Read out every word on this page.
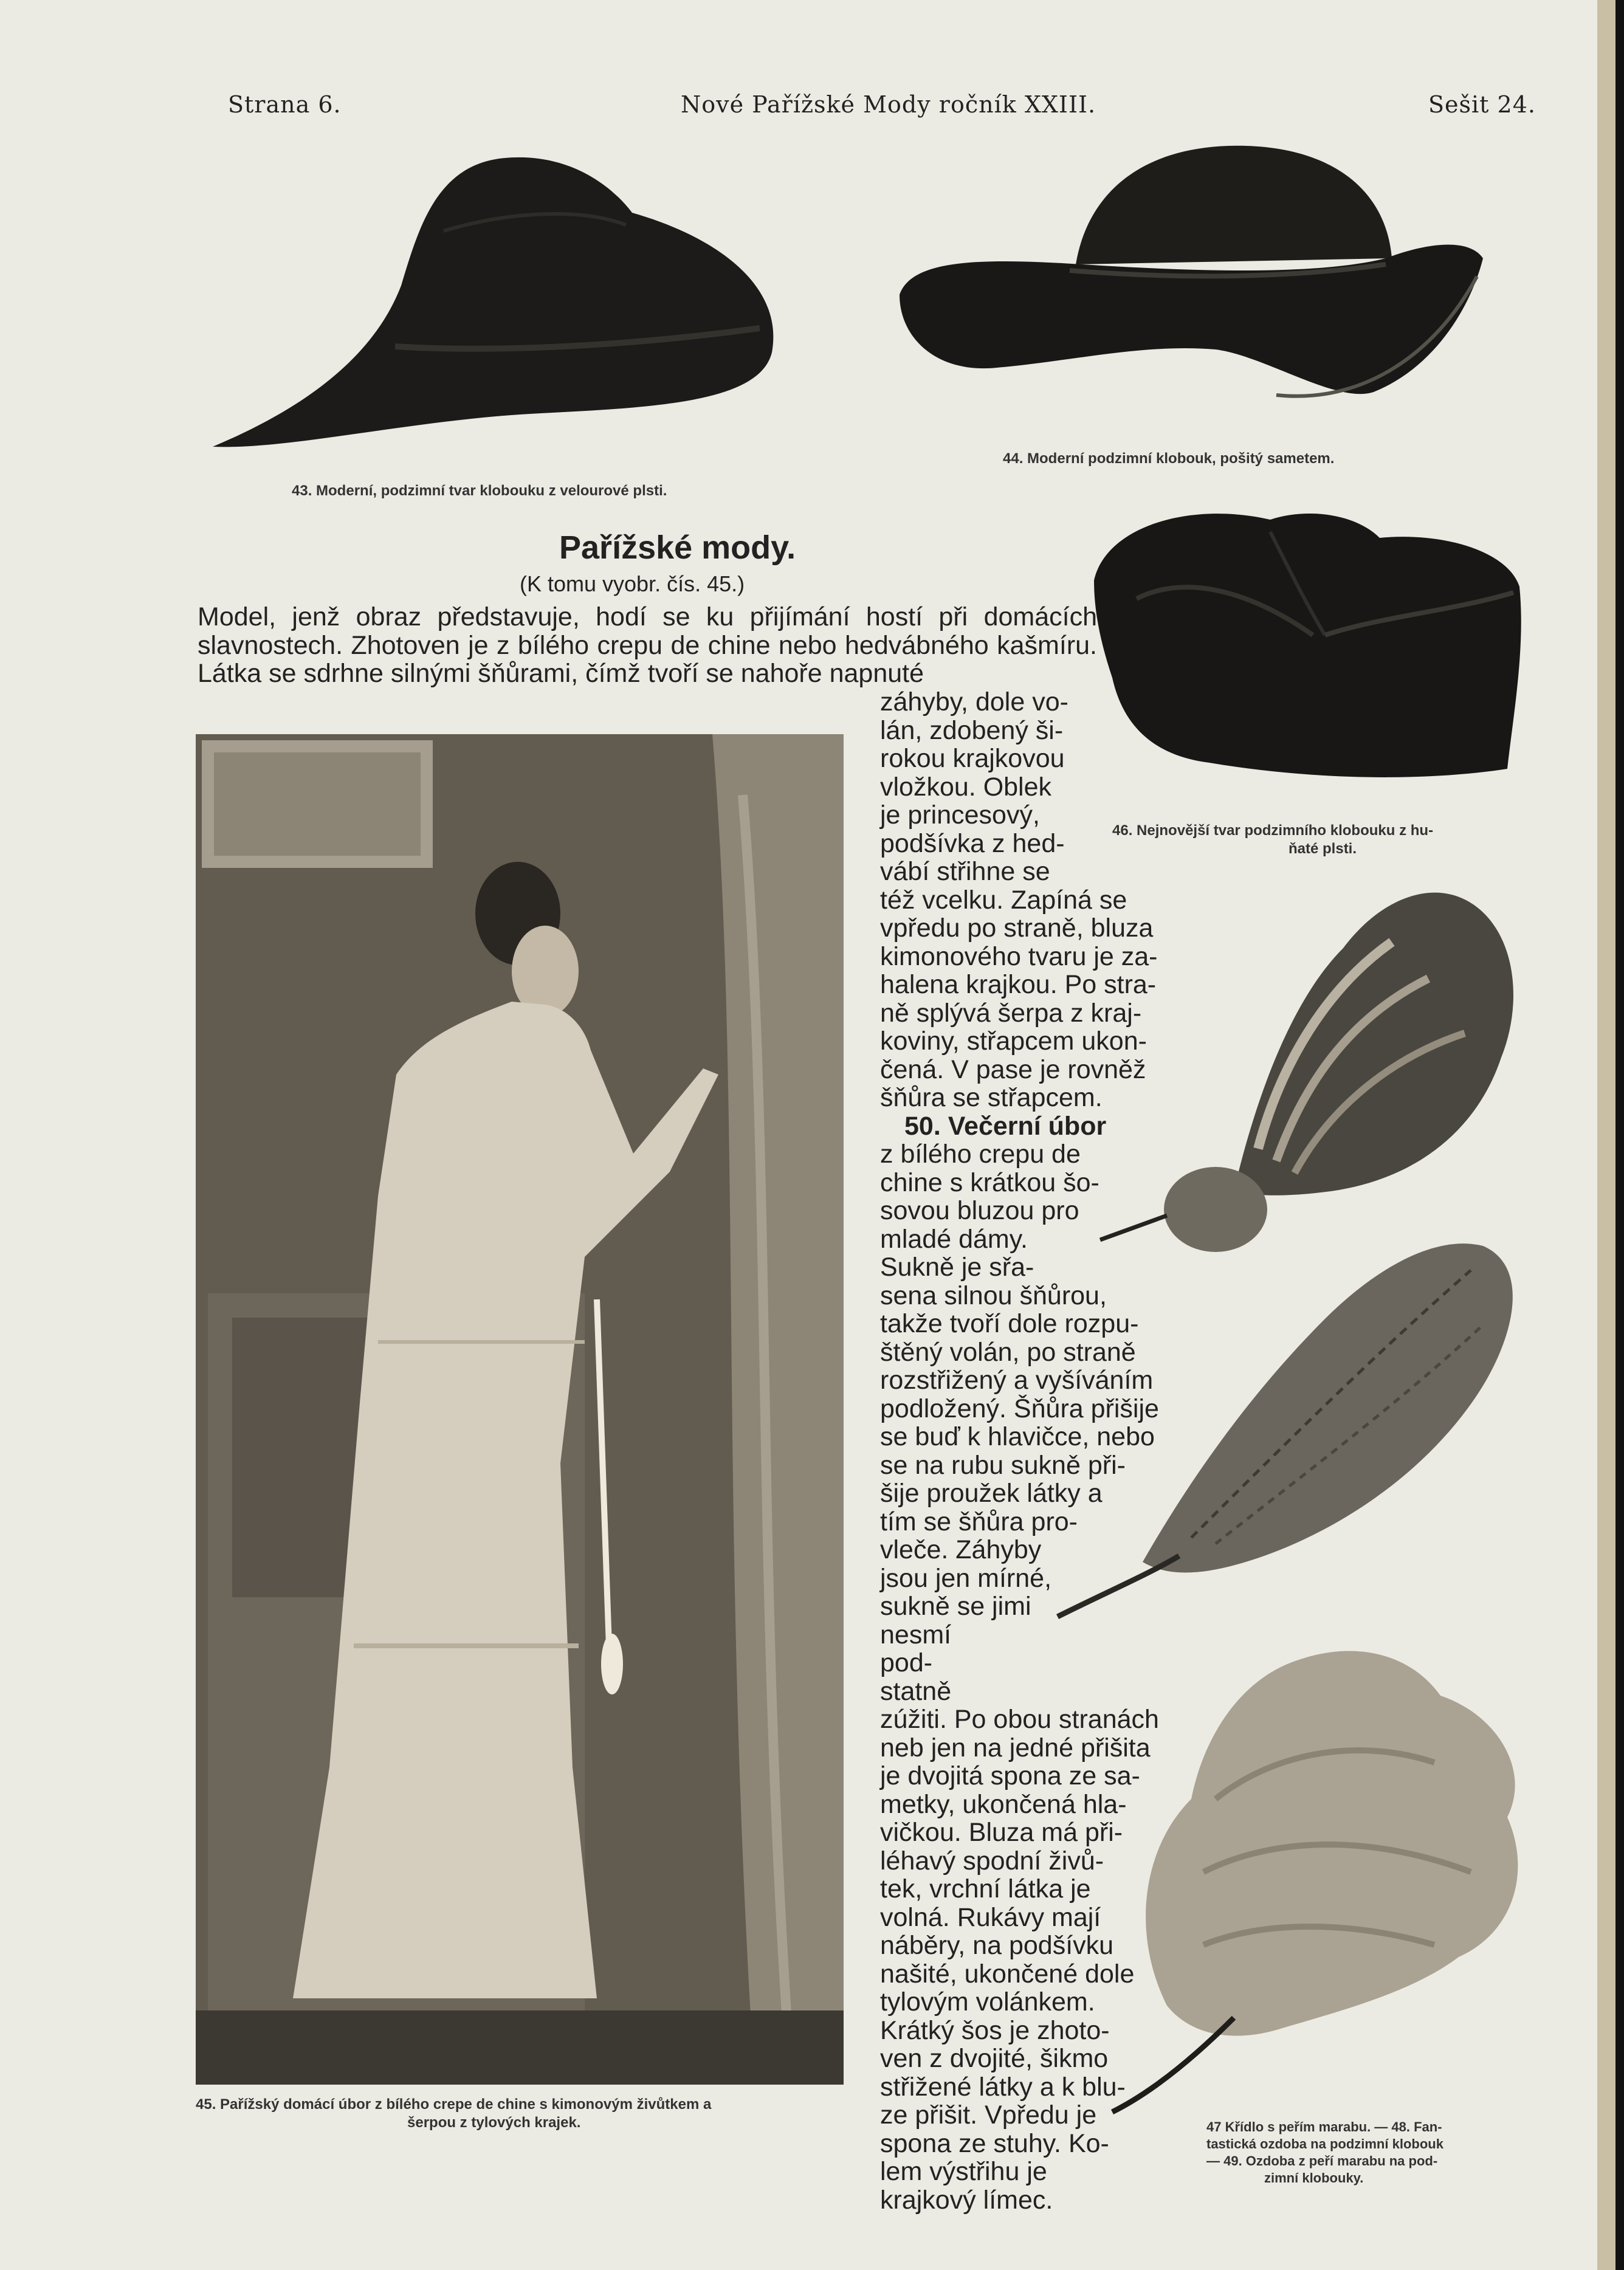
Strana 6.	Nové Pařížské Mody ročník XXIII.	Sešit 24.
43. Moderní, podzimní tvar klobouku z velourové plsti.
44. Moderní podzimní klobouk, pošitý sametem.
Pařížské mody.
(K tomu vyobr. čís. 45.)
46. Nejnovější tvar podzimního klobouku z hu-
ňaté plsti.
Model, jenž obraz představuje, hodí se ku přijímání hostí při domácích slavnostech. Zhotoven je z bílého crepu de chine nebo hedvábného kašmíru. Látka se sdrhne silnými šňůrami, čímž tvoří se nahoře napnuté
45. Pařížský domácí úbor z bílého crepe de chine s kimonovým živůtkem a
šerpou z tylových krajek.
záhyby, dole vo-
lán, zdobený ši-
rokou krajkovou
vložkou. Oblek
je princesový,
podšívka z hed-
vábí střihne se
též vcelku. Zapíná se
vpředu po straně, bluza
kimonového tvaru je za-
halena krajkou. Po stra-
ně splývá šerpa z kraj-
koviny, střapcem ukon-
čená. V pase je rovněž
šňůra se střapcem.
50. Večerní úbor
z bílého crepu de
chine s krátkou šo-
sovou bluzou pro
mladé dámy.
Sukně je sřa-
sena silnou šňůrou,
takže tvoří dole rozpu-
štěný volán, po straně
rozstřižený a vyšíváním
podložený. Šňůra přišije
se buď k hlavičce, nebo
se na rubu sukně při-
šije proužek látky a
tím se šňůra pro-
vleče. Záhyby
jsou jen mírné,
sukně se jimi
nesmí
pod-
statně
zúžiti. Po obou stranách
neb jen na jedné přišita
je dvojitá spona ze sa-
metky, ukončená hla-
vičkou. Bluza má při-
léhavý spodní živů-
tek, vrchní látka je
volná. Rukávy mají
náběry, na podšívku
našité, ukončené dole
tylovým volánkem.
Krátký šos je zhoto-
ven z dvojité, šikmo
střižené látky a k blu-
ze přišit. Vpředu je
spona ze stuhy. Ko-
lem výstřihu je
krajkový límec.
47 Křídlo s peřím marabu. — 48. Fan-
tastická ozdoba na podzimní klobouk
— 49. Ozdoba z peří marabu na pod-
zimní klobouky.
